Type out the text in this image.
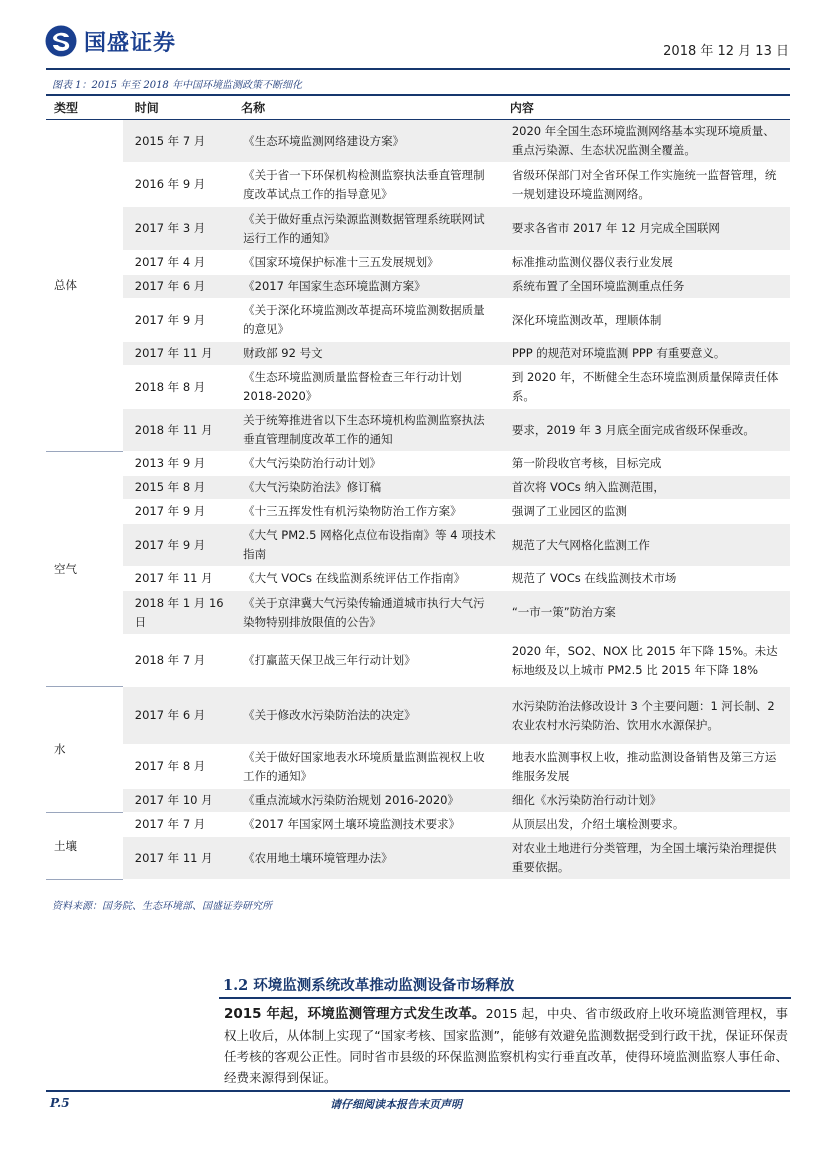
国盛证券	2018 年 12 月 13 日
图表 1：2015 年至 2018 年中国环境监测政策不断细化
类型	时间	名称	内容
总体	2015 年 7 月	《生态环境监测网络建设方案》	2020 年全国生态环境监测网络基本实现环境质量、重点污染源、生态状况监测全覆盖。
	2016 年 9 月	《关于省一下环保机构检测监察执法垂直管理制度改革试点工作的指导意见》	省级环保部门对全省环保工作实施统一监督管理，统一规划建设环境监测网络。
	2017 年 3 月	《关于做好重点污染源监测数据管理系统联网试运行工作的通知》	要求各省市 2017 年 12 月完成全国联网
	2017 年 4 月	《国家环境保护标准十三五发展规划》	标准推动监测仪器仪表行业发展
	2017 年 6 月	《2017 年国家生态环境监测方案》	系统布置了全国环境监测重点任务
	2017 年 9 月	《关于深化环境监测改革提高环境监测数据质量的意见》	深化环境监测改革，理顺体制
	2017 年 11 月	财政部 92 号文	PPP 的规范对环境监测 PPP 有重要意义。
	2018 年 8 月	《生态环境监测质量监督检查三年行动计划 2018-2020》	到 2020 年，不断健全生态环境监测质量保障责任体系。
	2018 年 11 月	关于统筹推进省以下生态环境机构监测监察执法垂直管理制度改革工作的通知	要求，2019 年 3 月底全面完成省级环保垂改。
空气	2013 年 9 月	《大气污染防治行动计划》	第一阶段收官考核，目标完成
	2015 年 8 月	《大气污染防治法》修订稿	首次将 VOCs 纳入监测范围，
	2017 年 9 月	《十三五挥发性有机污染物防治工作方案》	强调了工业园区的监测
	2017 年 9 月	《大气 PM2.5 网格化点位布设指南》等 4 项技术指南	规范了大气网格化监测工作
	2017 年 11 月	《大气 VOCs 在线监测系统评估工作指南》	规范了 VOCs 在线监测技术市场
	2018 年 1 月 16 日	《关于京津冀大气污染传输通道城市执行大气污染物特别排放限值的公告》	“一市一策”防治方案
	2018 年 7 月	《打赢蓝天保卫战三年行动计划》	2020 年，SO2、NOX 比 2015 年下降 15%。未达标地级及以上城市 PM2.5 比 2015 年下降 18%
水	2017 年 6 月	《关于修改水污染防治法的决定》	水污染防治法修改设计 3 个主要问题：1 河长制、2 农业农村水污染防治、饮用水水源保护。
	2017 年 8 月	《关于做好国家地表水环境质量监测监视权上收工作的通知》	地表水监测事权上收，推动监测设备销售及第三方运维服务发展
	2017 年 10 月	《重点流域水污染防治规划 2016-2020》	细化《水污染防治行动计划》
土壤	2017 年 7 月	《2017 年国家网土壤环境监测技术要求》	从顶层出发，介绍土壤检测要求。
	2017 年 11 月	《农用地土壤环境管理办法》	对农业土地进行分类管理，为全国土壤污染治理提供重要依据。
资料来源：国务院、生态环境部、国盛证券研究所
1.2 环境监测系统改革推动监测设备市场释放
2015 年起，环境监测管理方式发生改革。2015 起，中央、省市级政府上收环境监测管理权，事权上收后，从体制上实现了“国家考核、国家监测”，能够有效避免监测数据受到行政干扰，保证环保责任考核的客观公正性。同时省市县级的环保监测监察机构实行垂直改革，使得环境监测监察人事任命、经费来源得到保证。
P.5	请仔细阅读本报告末页声明
